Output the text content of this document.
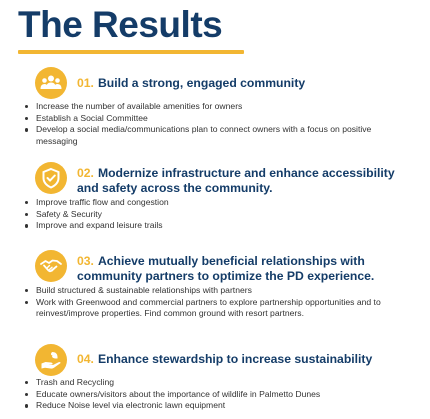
The Results
01. Build a strong, engaged community
Increase the number of available amenities for owners
Establish a Social Committee
Develop a social media/communications plan to connect owners with a focus on positive messaging
02. Modernize infrastructure and enhance accessibility and safety across the community.
Improve traffic flow and congestion
Safety & Security
Improve and expand leisure trails
03. Achieve mutually beneficial relationships with community partners to optimize the PD experience.
Build structured & sustainable relationships with partners
Work with Greenwood and commercial partners to explore partnership opportunities and to reinvest/improve properties. Find common ground with resort partners.
04. Enhance stewardship to increase sustainability
Trash and Recycling
Educate owners/visitors about the importance of wildlife in Palmetto Dunes
Reduce Noise level via electronic lawn equipment
